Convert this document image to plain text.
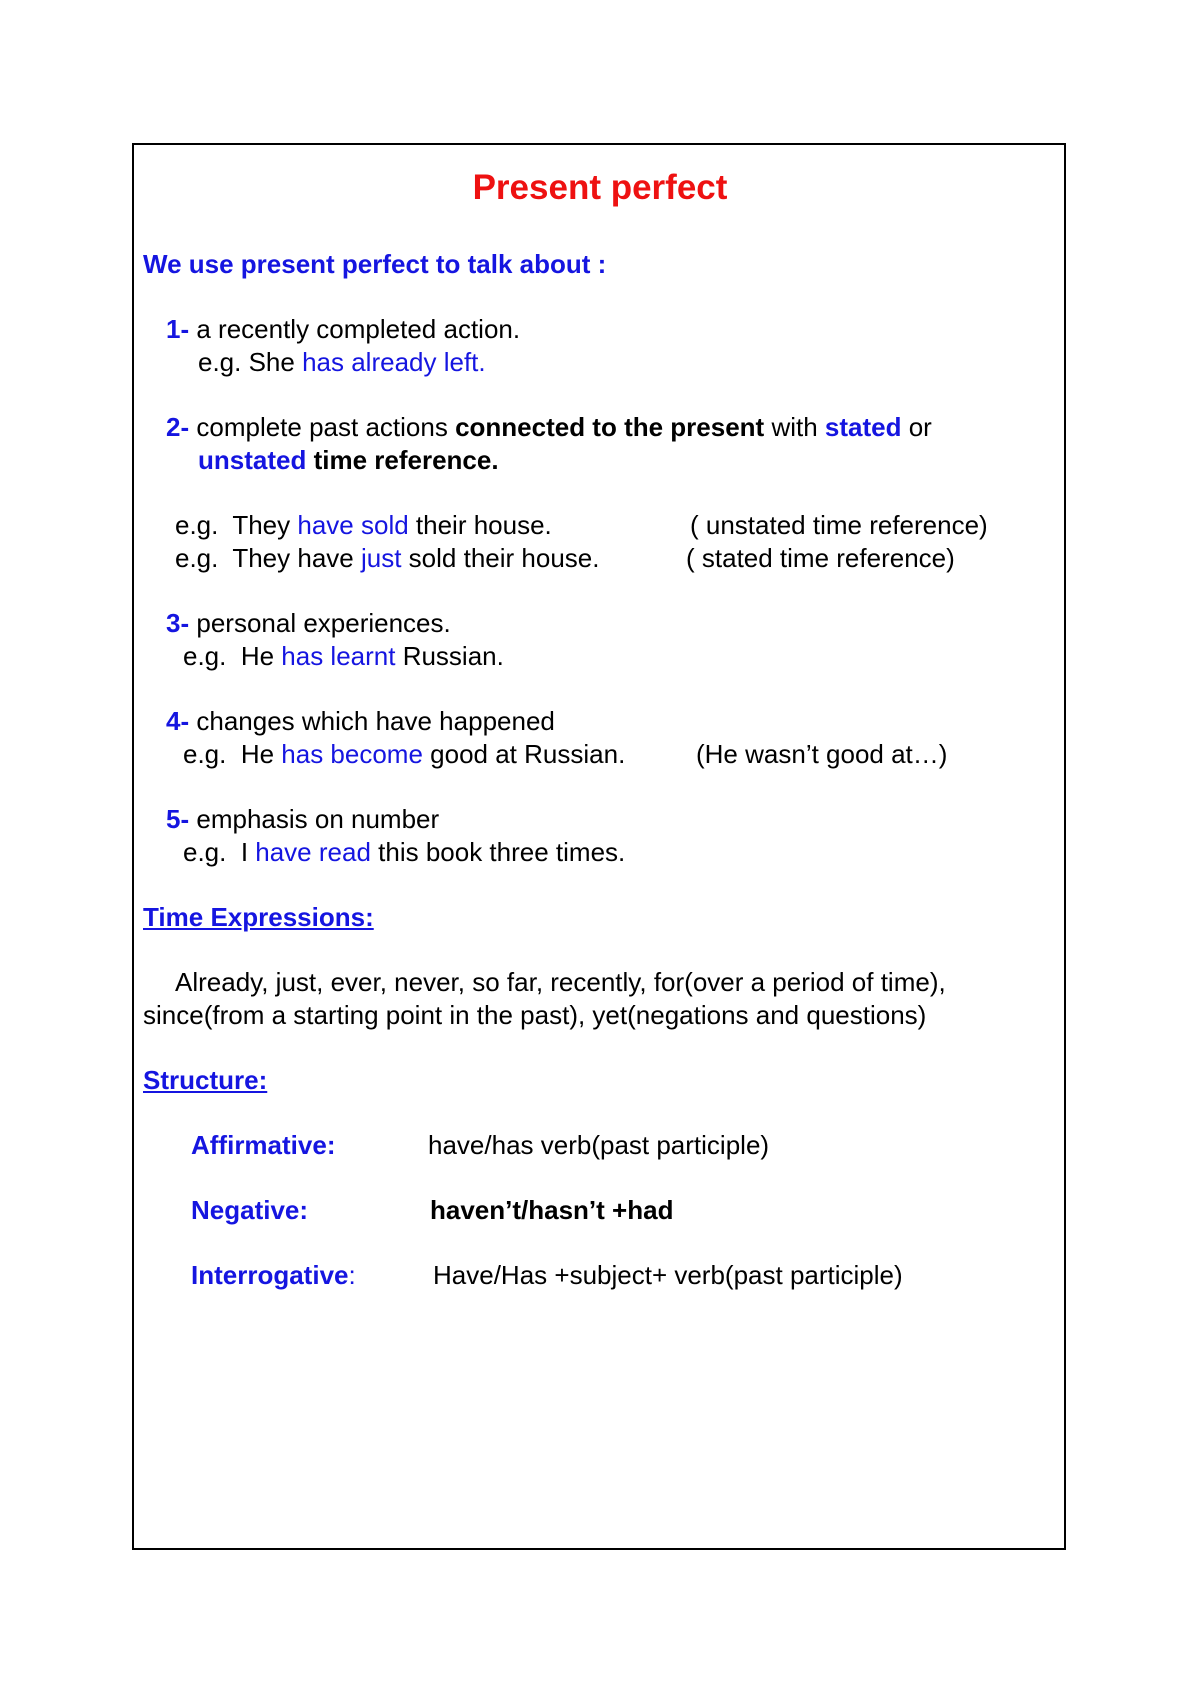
Present perfect
We use present perfect to talk about :
1- a recently completed action.
e.g. She has already left.
2- complete past actions connected to the present with stated or
unstated time reference.
e.g.  They have sold their house.	( unstated time reference)
e.g.  They have just sold their house.	( stated time reference)
3- personal experiences.
e.g.  He has learnt Russian.
4- changes which have happened
e.g.  He has become good at Russian.	(He wasn’t good at…)
5- emphasis on number
e.g.  I have read this book three times.
Time Expressions:
Already, just, ever, never, so far, recently, for(over a period of time),
since(from a starting point in the past), yet(negations and questions)
Structure:
Affirmative:	have/has verb(past participle)
Negative:	haven’t/hasn’t +had
Interrogative:	Have/Has +subject+ verb(past participle)
